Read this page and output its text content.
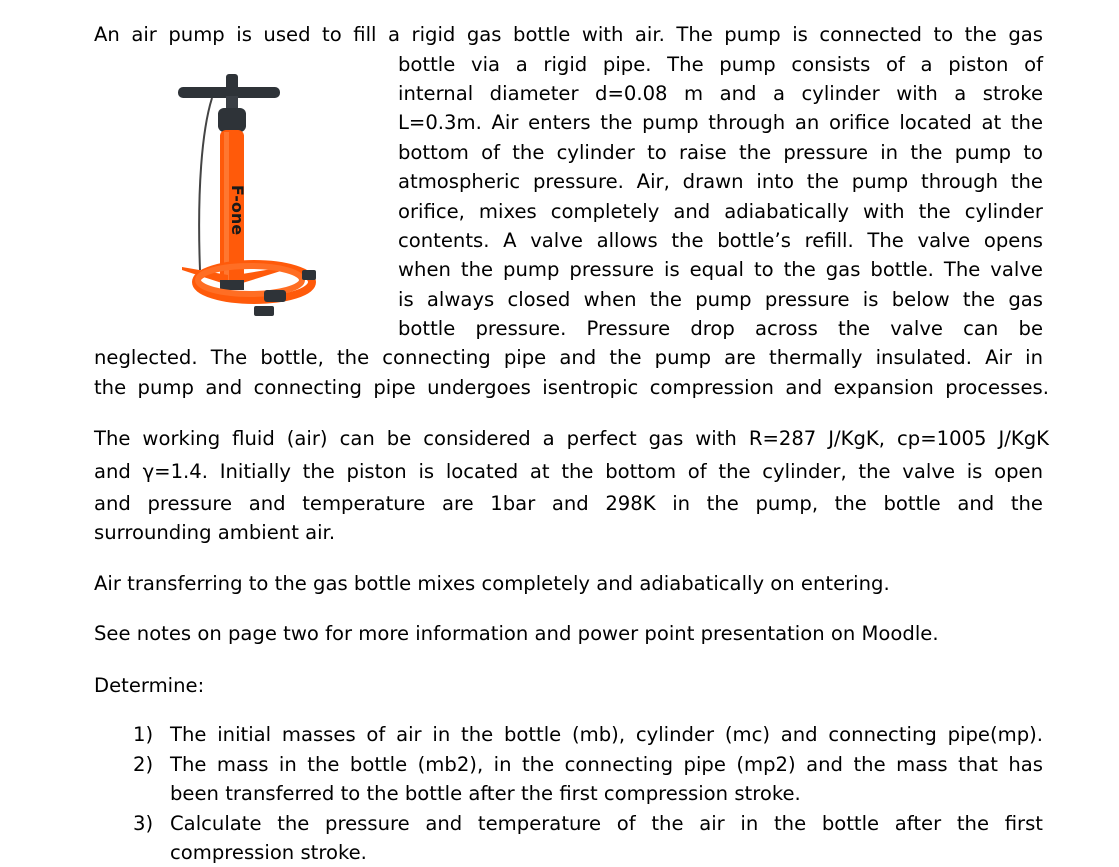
An air pump is used to fill a rigid gas bottle with air. The pump is connected to the gas
bottle via a rigid pipe. The pump consists of a piston of
internal diameter d=0.08 m and a cylinder with a stroke
L=0.3m. Air enters the pump through an orifice located at the
bottom of the cylinder to raise the pressure in the pump to
atmospheric pressure. Air, drawn into the pump through the
orifice, mixes completely and adiabatically with the cylinder
contents. A valve allows the bottle’s refill. The valve opens
when the pump pressure is equal to the gas bottle. The valve
is always closed when the pump pressure is below the gas
bottle pressure. Pressure drop across the valve can be
neglected. The bottle, the connecting pipe and the pump are thermally insulated. Air in
the pump and connecting pipe undergoes isentropic compression and expansion processes.
F-one
The working fluid (air) can be considered a perfect gas with R=287 J/KgK, cp=1005 J/KgK
and γ=1.4. Initially the piston is located at the bottom of the cylinder, the valve is open
and pressure and temperature are 1bar and 298K in the pump, the bottle and the
surrounding ambient air.
Air transferring to the gas bottle mixes completely and adiabatically on entering.
See notes on page two for more information and power point presentation on Moodle.
Determine:
1) The initial masses of air in the bottle (mb), cylinder (mc) and connecting pipe(mp).
2) The mass in the bottle (mb2), in the connecting pipe (mp2) and the mass that has
been transferred to the bottle after the first compression stroke.
3) Calculate the pressure and temperature of the air in the bottle after the first
compression stroke.
